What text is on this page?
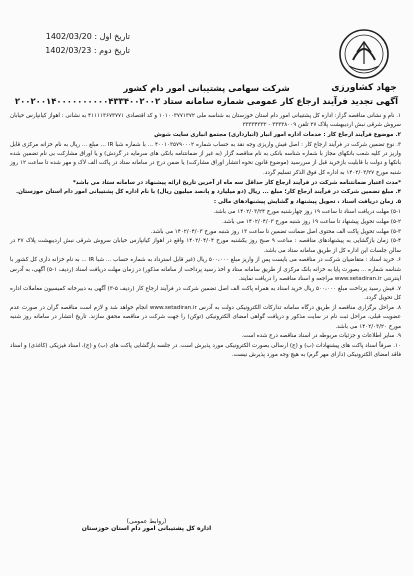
جهاد کشاورزی
تاریخ اول : 1402/03/20
تاریخ دوم : 1402/03/23
شرکت سهامی پشتیبانی امور دام کشور
آگهی تجدید فرآیند ارجاع کار عمومی شماره سامانه ستاد ۲۰۰۲۰۰۱۴۰۰۰۰۰۰۰۰۰۰۴۳۳۴۰۰۲۰۰۲

۱. نام و نشانی مناقصه گزار: اداره کل پشتیبانی امور دام استان خوزستان به شناسه ملی ۱۰۱۰۰۳۷۷۱۳۷۲ و کد اقتصادی ۴۱۱۱۱۳۶۷۳۷۷۱ به نشانی : اهواز کیانپارس خیابان سروش شرقی نبش اردیبهشت پلاک ۲۷ تلفن ۳۳۳۳۸۰۰۹ - ۳۳۳۳۴۳۳۲

۲. موضوع فرآیند ارجاع کار : خدمات اداره امور انبار (انبارداری) مجتمع انباری سایت شوش

۳. نوع تضمین شرکت در فرآیند ارجاع کار : اصل فیش واریزی وجه نقد به حساب شماره ۴۰۰۱۰۳۵۷۹۰۰۰۲ ... با شماره شبا IR ... مبلغ ... ریال به نام خزانه مرکزی قابل واریز در کلیه شعب بانکهای مجاز با شماره شناسه بانکی به نام مناقصه گزار (به غیر از ضمانتنامه بانکی های سرمایه در گردش) و یا اوراق مشارکت بی نام تضمین شده بانکها و دولت با قابلیت بازخرید قبل از سررسید (موضوع قانون نحوه انتشار اوراق مشارکت) یا ضمن درج در سامانه ستاد در پاکت الف لاک و مهر شده تا ساعت ۱۲ روز شنبه مورخ ۱۴۰۲/۰۳/۲۷ به اداره کل فوق الذکر تسلیم گردد.

*مدت اعتبار ضمانتنامه شرکت در فرآیند ارجاع کار حداقل سه ماه از آخرین تاریخ ارائه پیشنهاد در سامانه ستاد می باشد*

۴. مبلغ تضمین شرکت در فرآیند ارجاع کار؛ مبلغ ... ریال (دو میلیارد و پانصد میلیون ریال) با نام اداره کل پشتیبانی امور دام استان خوزستان.

۵. زمان دریافت اسناد ، تحویل پیشنهاد و گشایش پیشنهادهای مالی :

۵-۱) مهلت دریافت اسناد تا ساعت ۱۹ روز چهارشنبه مورخ ۱۴۰۲/۰۳/۲۴ می باشد.

۵-۲) مهلت تحویل پیشنهاد تا ساعت ۱۹ روز شنبه مورخ ۱۴۰۲/۰۴/۰۳ می باشد.

۵-۳) مهلت تحویل پاکت الف محتوی اصل ضمانت تضمین تا ساعت ۱۳ روز شنبه مورخ ۱۴۰۲/۰۴/۰۳ می باشد.

۵-۴) زمان بازگشایی به پیشنهادهای مناقصه : ساعت ۹ صبح روز یکشنبه مورخ ۱۴۰۲/۰۴/۰۴ واقع در اهواز کیانپارس خیابان سروش شرقی نبش اردیبهشت پلاک ۲۷ در سالن جلسات این اداره کل از طریق سامانه ستاد می باشد.

۶. خرید اسناد : متقاضیان شرکت در مناقصه می بایست پس از واریز مبلغ ۵۰۰،۰۰۰ ریال (غیر قابل استرداد به شماره حساب ... شبا IR ... به نام خزانه داری کل کشور با شناسه شماره ... بصورت پایا به خزانه بانک مرکزی از طریق سامانه ستاد و اخذ رسید پرداخت از سامانه مذکور) در زمان مهلت دریافت اسناد (ردیف ۱-۵) آگهی، به آدرس اینترنتی www.setadiran.ir مراجعه و اسناد مناقصه را دریافت نمایند.

۷. فیش رسید پرداخت مبلغ ۵۰۰،۰۰۰ ریال خرید اسناد به همراه پاکت الف اصل تضمین شرکت در فرآیند ارجاع کار (ردیف ۵-۳) آگهی به دبیرخانه کمیسیون معاملات اداره کل تحویل گردد.

۸. مراحل برگزاری مناقصه از طریق درگاه سامانه تدارکات الکترونیکی دولت به آدرس www.setadiran.ir انجام خواهد شد و لازم است مناقصه گران در صورت عدم عضویت قبلی، مراحل ثبت نام در سایت مذکور و دریافت گواهی امضای الکترونیکی (توکن) را جهت شرکت در مناقصه محقق سازند. تاریخ انتشار در سامانه روز شنبه مورخ ۱۴۰۲/۰۳/۲۰ می باشد.

۹. سایر اطلاعات و جزئیات مربوطه در اسناد مناقصه درج شده است.

۱۰. صرفاً اسناد پاکت های پیشنهادات (ب) و (ج) ارسالی بصورت الکترونیکی مورد پذیرش است. در جلسه بازگشایی پاکت های (ب) و (ج)، اسناد فیزیکی (کاغذی) و اسناد فاقد امضای الکترونیکی (دارای مهر گرم) به هیچ وجه مورد پذیرش نیست.

(روابط عمومی)
اداره کل پشتیبانی امور دام استان خوزستان
